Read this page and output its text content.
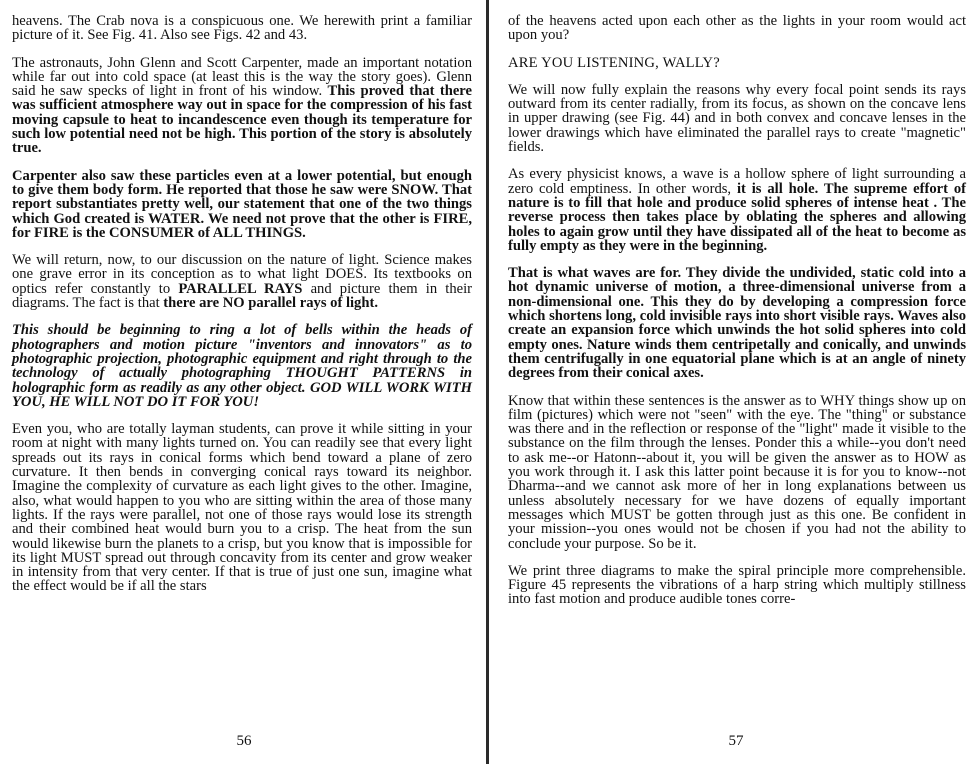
heavens. The Crab nova is a conspicuous one. We herewith print a familiar picture of it. See Fig. 41. Also see Figs. 42 and 43.

The astronauts, John Glenn and Scott Carpenter, made an important notation while far out into cold space (at least this is the way the story goes). Glenn said he saw specks of light in front of his window. This proved that there was sufficient atmosphere way out in space for the compression of his fast moving capsule to heat to incandescence even though its temperature for such low potential need not be high. This portion of the story is absolutely true.

Carpenter also saw these particles even at a lower potential, but enough to give them body form. He reported that those he saw were SNOW. That report substantiates pretty well, our statement that one of the two things which God created is WATER. We need not prove that the other is FIRE, for FIRE is the CONSUMER of ALL THINGS.

We will return, now, to our discussion on the nature of light. Science makes one grave error in its conception as to what light DOES. Its textbooks on optics refer constantly to PARALLEL RAYS and picture them in their diagrams. The fact is that there are NO parallel rays of light.

This should be beginning to ring a lot of bells within the heads of photographers and motion picture "inventors and innovators" as to photographic projection, photographic equipment and right through to the technology of actually photographing THOUGHT PATTERNS in holographic form as readily as any other object. GOD WILL WORK WITH YOU, HE WILL NOT DO IT FOR YOU!

Even you, who are totally layman students, can prove it while sitting in your room at night with many lights turned on. You can readily see that every light spreads out its rays in conical forms which bend toward a plane of zero curvature. It then bends in converging conical rays toward its neighbor. Imagine the complexity of curvature as each light gives to the other. Imagine, also, what would happen to you who are sitting within the area of those many lights. If the rays were parallel, not one of those rays would lose its strength and their combined heat would burn you to a crisp. The heat from the sun would likewise burn the planets to a crisp, but you know that is impossible for its light MUST spread out through concavity from its center and grow weaker in intensity from that very center. If that is true of just one sun, imagine what the effect would be if all the stars

56

of the heavens acted upon each other as the lights in your room would act upon you?

ARE YOU LISTENING, WALLY?

We will now fully explain the reasons why every focal point sends its rays outward from its center radially, from its focus, as shown on the concave lens in upper drawing (see Fig. 44) and in both convex and concave lenses in the lower drawings which have eliminated the parallel rays to create "magnetic" fields.

As every physicist knows, a wave is a hollow sphere of light surrounding a zero cold emptiness. In other words, it is all hole. The supreme effort of nature is to fill that hole and produce solid spheres of intense heat . The reverse process then takes place by oblating the spheres and allowing holes to again grow until they have dissipated all of the heat to become as fully empty as they were in the beginning.

That is what waves are for. They divide the undivided, static cold into a hot dynamic universe of motion, a three-dimensional universe from a non-dimensional one. This they do by developing a compression force which shortens long, cold invisible rays into short visible rays. Waves also create an expansion force which unwinds the hot solid spheres into cold empty ones. Nature winds them centripetally and conically, and unwinds them centrifugally in one equatorial plane which is at an angle of ninety degrees from their conical axes.

Know that within these sentences is the answer as to WHY things show up on film (pictures) which were not "seen" with the eye. The "thing" or substance was there and in the reflection or response of the "light" made it visible to the substance on the film through the lenses. Ponder this a while--you don't need to ask me--or Hatonn--about it, you will be given the answer as to HOW as you work through it. I ask this latter point because it is for you to know--not Dharma--and we cannot ask more of her in long explanations between us unless absolutely necessary for we have dozens of equally important messages which MUST be gotten through just as this one. Be confident in your mission--you ones would not be chosen if you had not the ability to conclude your purpose. So be it.

We print three diagrams to make the spiral principle more comprehensible. Figure 45 represents the vibrations of a harp string which multiply stillness into fast motion and produce audible tones corre-

57
